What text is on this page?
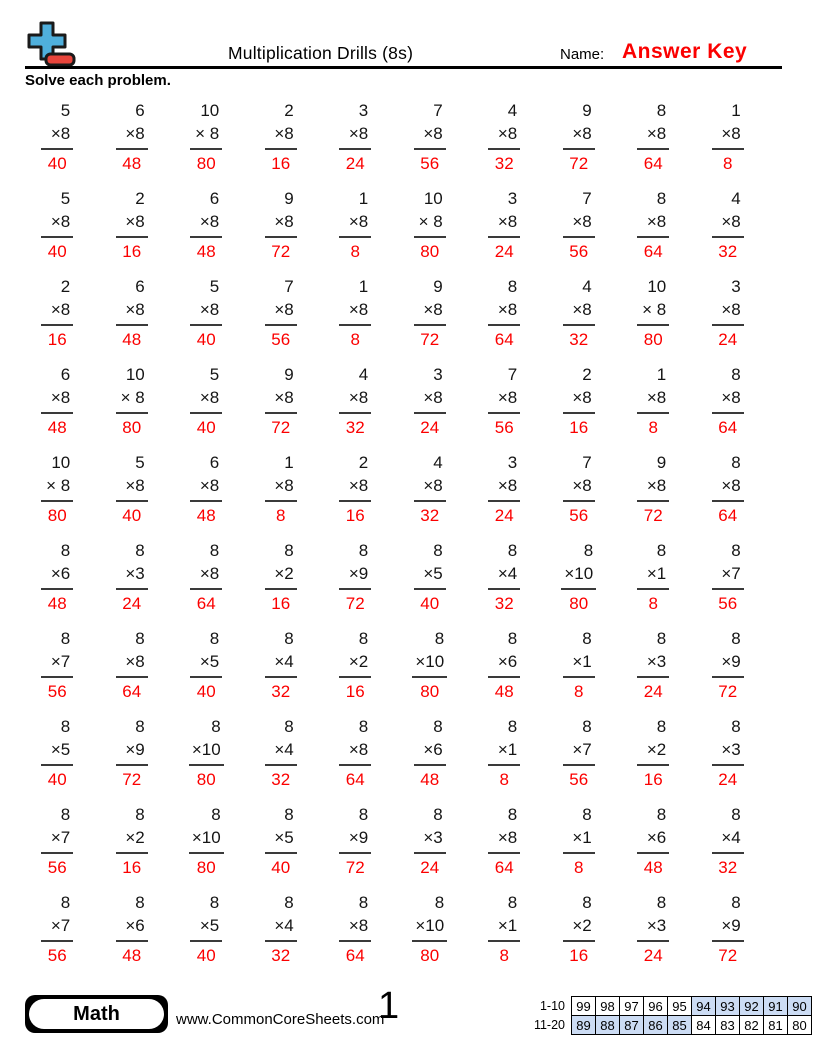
Multiplication Drills (8s)	Name: Answer Key
Solve each problem.
5
×8
40
6
×8
48
10
× 8
80
2
×8
16
3
×8
24
7
×8
56
4
×8
32
9
×8
72
8
×8
64
1
×8
8
5
×8
40
2
×8
16
6
×8
48
9
×8
72
1
×8
8
10
× 8
80
3
×8
24
7
×8
56
8
×8
64
4
×8
32
2
×8
16
6
×8
48
5
×8
40
7
×8
56
1
×8
8
9
×8
72
8
×8
64
4
×8
32
10
× 8
80
3
×8
24
6
×8
48
10
× 8
80
5
×8
40
9
×8
72
4
×8
32
3
×8
24
7
×8
56
2
×8
16
1
×8
8
8
×8
64
10
× 8
80
5
×8
40
6
×8
48
1
×8
8
2
×8
16
4
×8
32
3
×8
24
7
×8
56
9
×8
72
8
×8
64
8
×6
48
8
×3
24
8
×8
64
8
×2
16
8
×9
72
8
×5
40
8
×4
32
8
×10
80
8
×1
8
8
×7
56
8
×7
56
8
×8
64
8
×5
40
8
×4
32
8
×2
16
8
×10
80
8
×6
48
8
×1
8
8
×3
24
8
×9
72
8
×5
40
8
×9
72
8
×10
80
8
×4
32
8
×8
64
8
×6
48
8
×1
8
8
×7
56
8
×2
16
8
×3
24
8
×7
56
8
×2
16
8
×10
80
8
×5
40
8
×9
72
8
×3
24
8
×8
64
8
×1
8
8
×6
48
8
×4
32
8
×7
56
8
×6
48
8
×5
40
8
×4
32
8
×8
64
8
×10
80
8
×1
8
8
×2
16
8
×3
24
8
×9
72
Math	www.CommonCoreSheets.com
1	1-10	99	98	97	96	95	94	93	92	91	90
11-20	89	88	87	86	85	84	83	82	81	80
